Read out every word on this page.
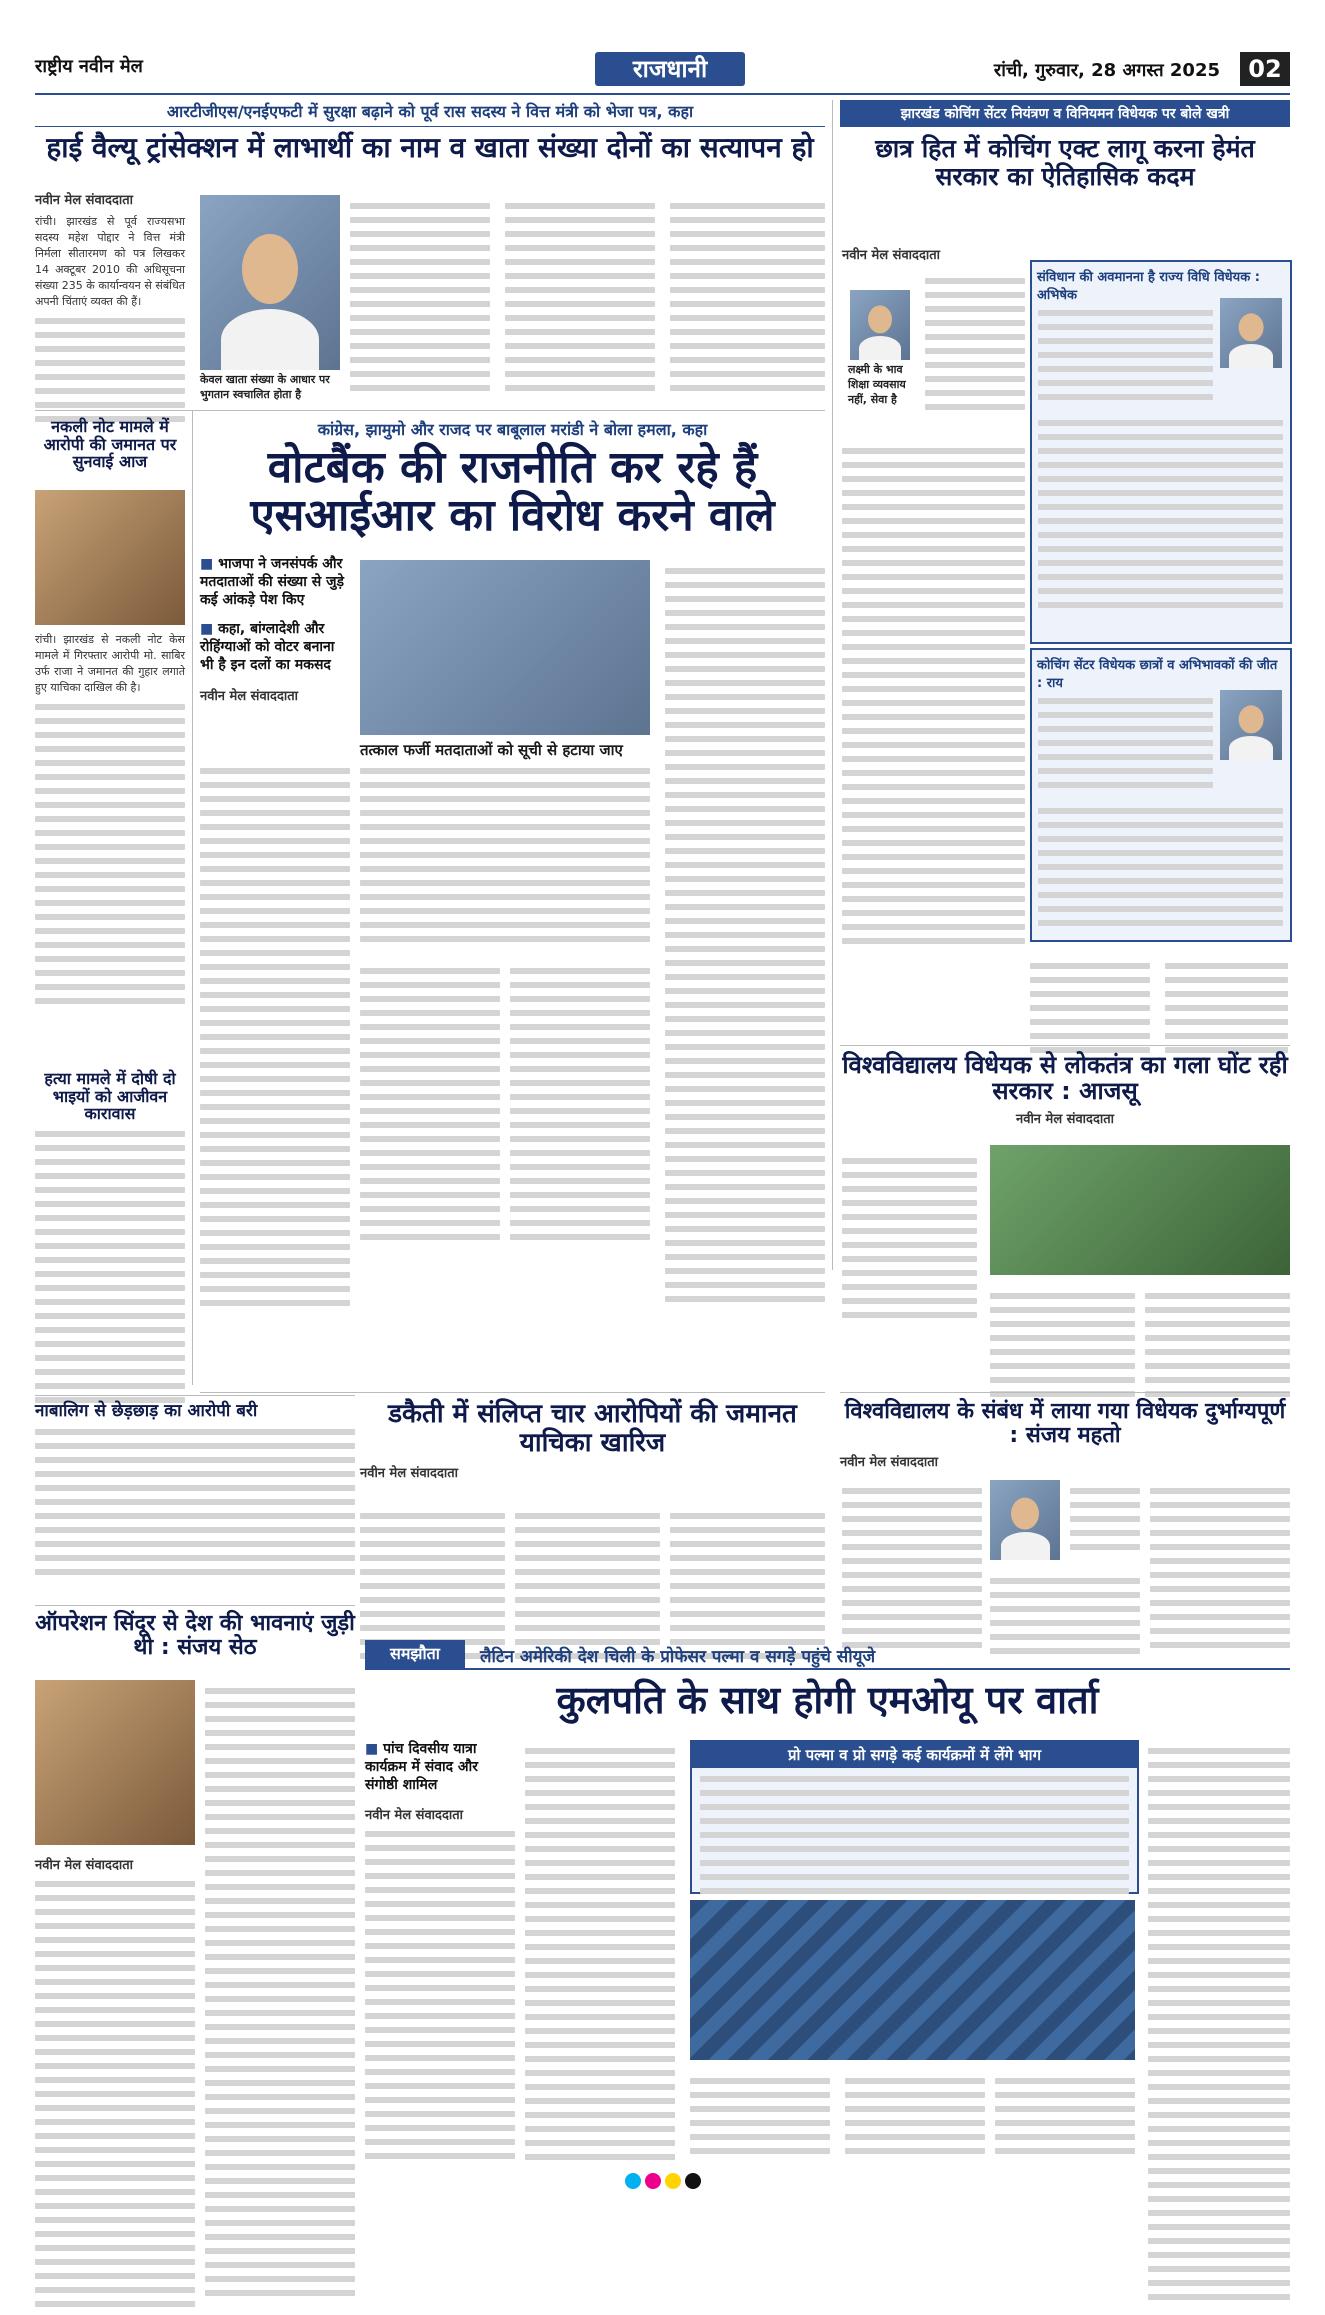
राष्ट्रीय नवीन मेल	राजधानी	रांची, गुरुवार, 28 अगस्त 2025	02
आरटीजीएस/एनईएफटी में सुरक्षा बढ़ाने को पूर्व रास सदस्य ने वित्त मंत्री को भेजा पत्र, कहा
हाई वैल्यू ट्रांसेक्शन में लाभार्थी का नाम व खाता संख्या दोनों का सत्यापन हो
नवीन मेल संवाददाता
रांची। झारखंड से पूर्व राज्यसभा सदस्य महेश पोद्दार ने वित्त मंत्री निर्मला सीतारमण को पत्र लिखकर 14 अक्टूबर 2010 की अधिसूचना संख्या 235 के कार्यान्वयन से संबंधित अपनी चिंताएं व्यक्त की हैं।
केवल खाता संख्या के आधार पर भुगतान स्वचालित होता है
झारखंड कोचिंग सेंटर नियंत्रण व विनियमन विधेयक पर बोले खत्री
छात्र हित में कोचिंग एक्ट लागू करना हेमंत सरकार का ऐतिहासिक कदम
नवीन मेल संवाददाता
लक्ष्मी के भाव शिक्षा व्यवसाय नहीं, सेवा है
संविधान की अवमानना है राज्य विधि विधेयक : अभिषेक
कोचिंग सेंटर विधेयक छात्रों व अभिभावकों की जीत : राय
नकली नोट मामले में आरोपी की जमानत पर सुनवाई आज
रांची। झारखंड से नकली नोट केस मामले में गिरफ्तार आरोपी मो. साबिर उर्फ राजा ने जमानत की गुहार लगाते हुए याचिका दाखिल की है।
हत्या मामले में दोषी दो भाइयों को आजीवन कारावास
नाबालिग से छेड़छाड़ का आरोपी बरी
कांग्रेस, झामुमो और राजद पर बाबूलाल मरांडी ने बोला हमला, कहा
वोटबैंक की राजनीति कर रहे हैं एसआईआर का विरोध करने वाले
■ भाजपा ने जनसंपर्क और मतदाताओं की संख्या से जुड़े कई आंकड़े पेश किए
■ कहा, बांग्लादेशी और रोहिंग्याओं को वोटर बनाना भी है इन दलों का मकसद
नवीन मेल संवाददाता
तत्काल फर्जी मतदाताओं को सूची से हटाया जाए
विश्वविद्यालय विधेयक से लोकतंत्र का गला घोंट रही सरकार : आजसू
नवीन मेल संवाददाता
डकैती में संलिप्त चार आरोपियों की जमानत याचिका खारिज
नवीन मेल संवाददाता
ऑपरेशन सिंदूर से देश की भावनाएं जुड़ी थी : संजय सेठ
नवीन मेल संवाददाता
विश्वविद्यालय के संबंध में लाया गया विधेयक दुर्भाग्यपूर्ण : संजय महतो
नवीन मेल संवाददाता
समझौता	लैटिन अमेरिकी देश चिली के प्रोफेसर पल्मा व सगड़े पहुंचे सीयूजे
कुलपति के साथ होगी एमओयू पर वार्ता
■ पांच दिवसीय यात्रा कार्यक्रम में संवाद और संगोष्ठी शामिल
नवीन मेल संवाददाता
प्रो पल्मा व प्रो सगड़े कई कार्यक्रमों में लेंगे भाग
